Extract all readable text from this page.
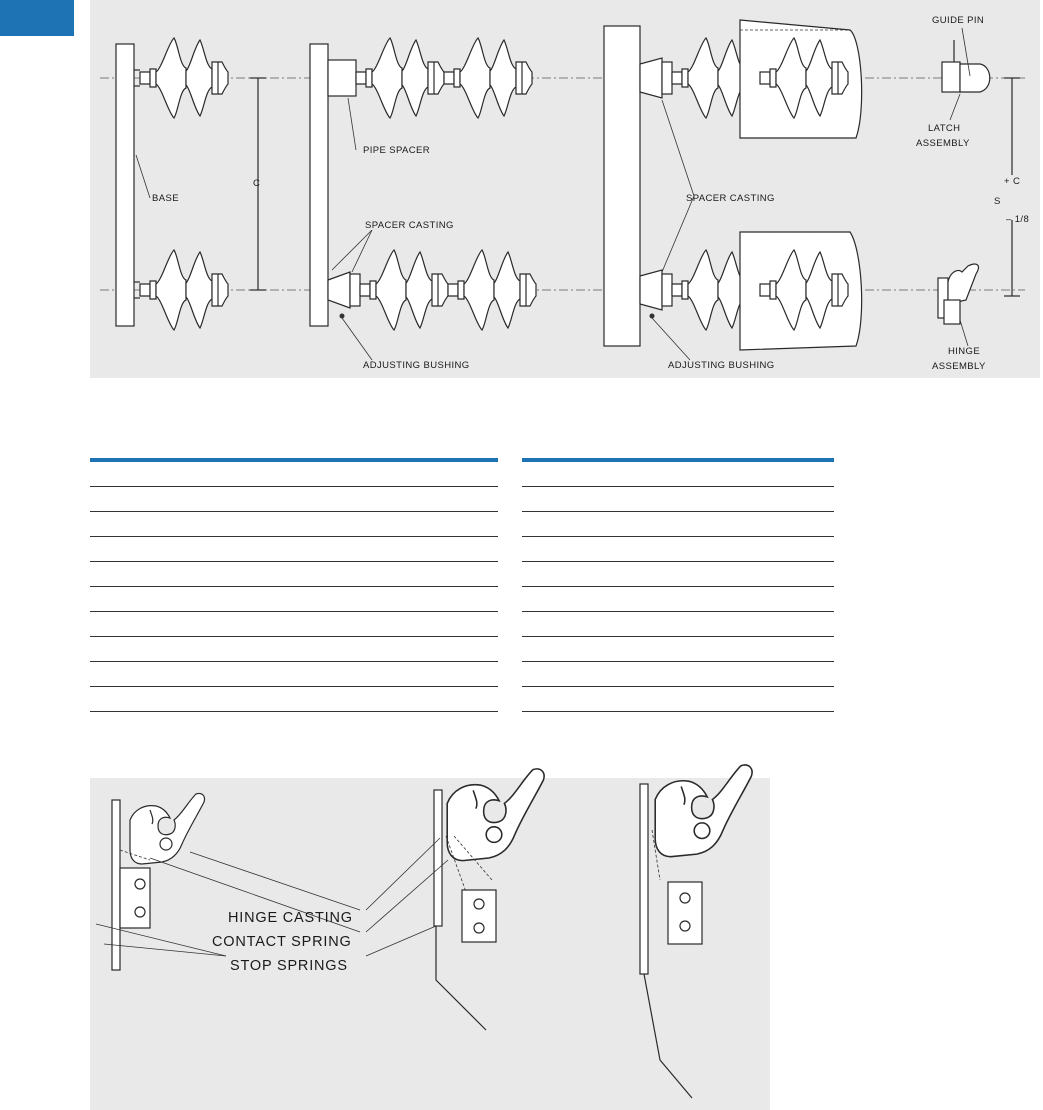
C
BASE
PIPE SPACER
SPACER CASTING
ADJUSTING BUSHING
SPACER CASTING
ADJUSTING BUSHING
GUIDE PIN
LATCH
ASSEMBLY
S
+ C
– 1/8
HINGE
ASSEMBLY
HINGE CASTING
CONTACT SPRING
STOP SPRINGS
